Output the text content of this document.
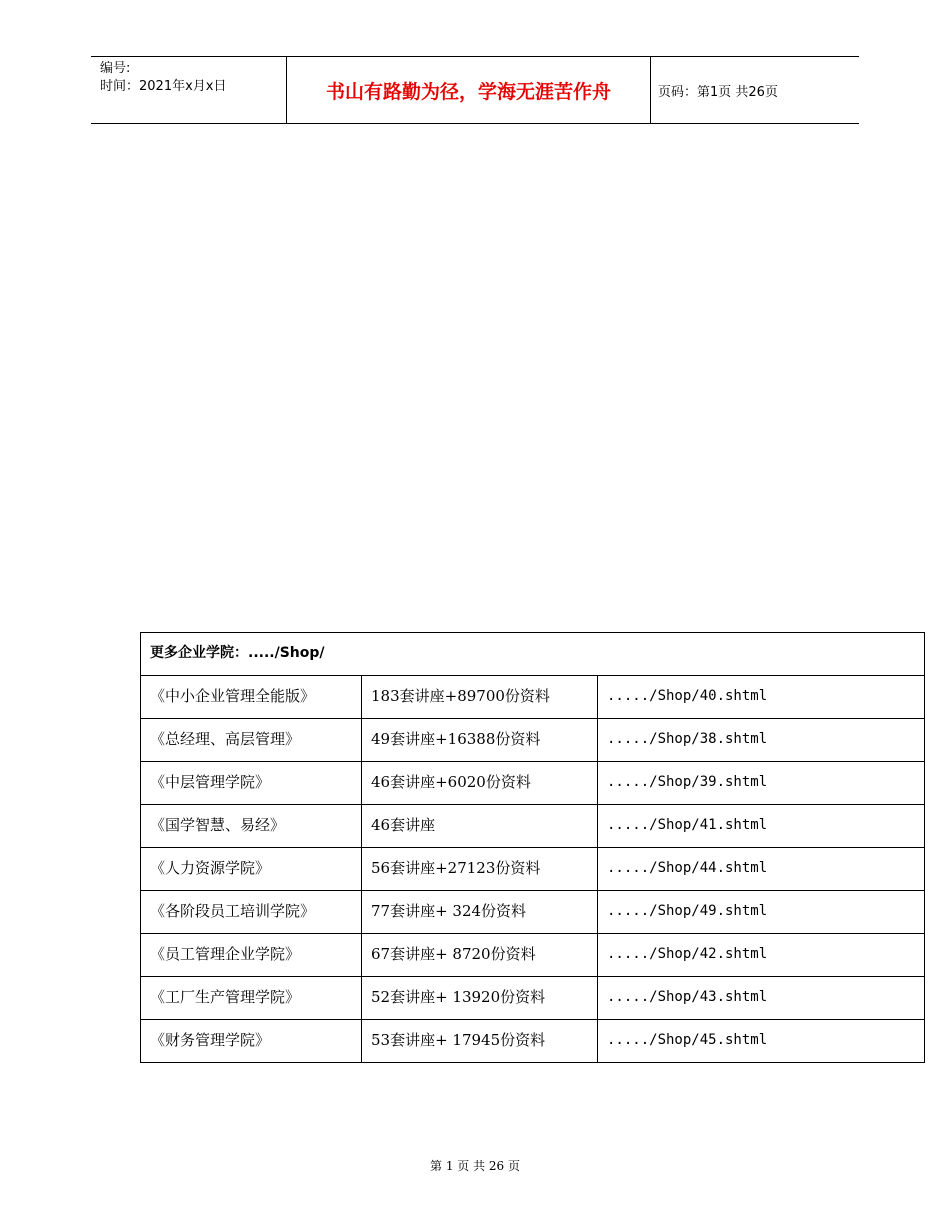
编号:
时间：2021年x月x日	书山有路勤为径，学海无涯苦作舟	页码：第1页 共26页
更多企业学院：...../Shop/		
《中小企业管理全能版》	183套讲座+89700份资料	...../Shop/40.shtml
《总经理、高层管理》	49套讲座+16388份资料	...../Shop/38.shtml
《中层管理学院》	46套讲座+6020份资料	...../Shop/39.shtml
《国学智慧、易经》	46套讲座	...../Shop/41.shtml
《人力资源学院》	56套讲座+27123份资料	...../Shop/44.shtml
《各阶段员工培训学院》	77套讲座+ 324份资料	...../Shop/49.shtml
《员工管理企业学院》	67套讲座+ 8720份资料	...../Shop/42.shtml
《工厂生产管理学院》	52套讲座+ 13920份资料	...../Shop/43.shtml
《财务管理学院》	53套讲座+ 17945份资料	...../Shop/45.shtml
第 1 页 共 26 页
